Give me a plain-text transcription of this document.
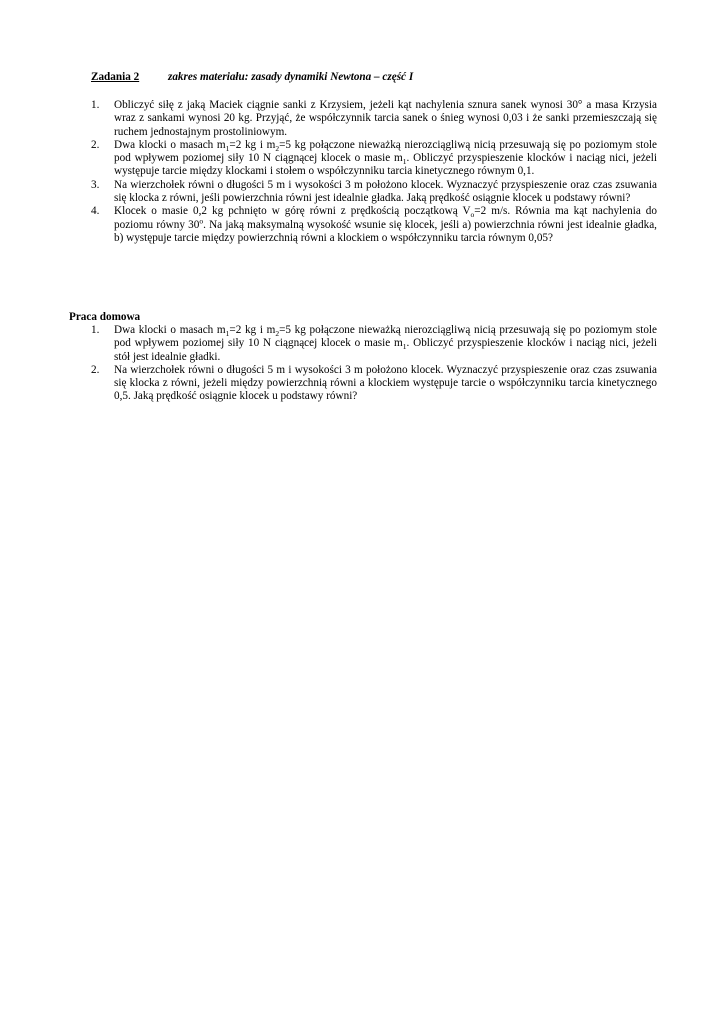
Zadania 2	zakres materiału: zasady dynamiki Newtona – część I
1. Obliczyć siłę z jaką Maciek ciągnie sanki z Krzysiem, jeżeli kąt nachylenia sznura sanek wynosi 30° a masa Krzysia wraz z sankami wynosi 20 kg. Przyjąć, że współczynnik tarcia sanek o śnieg wynosi 0,03 i że sanki przemieszczają się ruchem jednostajnym prostoliniowym.
2. Dwa klocki o masach $m_1=2$ kg i $m_2=5$ kg połączone nieważką nierozciągliwą nicią przesuwają się po poziomym stole pod wpływem poziomej siły 10 N ciągnącej klocek o masie $m_1$. Obliczyć przyspieszenie klocków i naciąg nici, jeżeli występuje tarcie między klockami i stołem o współczynniku tarcia kinetycznego równym 0,1.
3. Na wierzchołek równi o długości 5 m i wysokości 3 m położono klocek. Wyznaczyć przyspieszenie oraz czas zsuwania się klocka z równi, jeśli powierzchnia równi jest idealnie gładka. Jaką prędkość osiągnie klocek u podstawy równi?
4. Klocek o masie 0,2 kg pchnięto w górę równi z prędkością początkową $V_o=2$ m/s. Równia ma kąt nachylenia do poziomu równy 30$^o$. Na jaką maksymalną wysokość wsunie się klocek, jeśli a) powierzchnia równi jest idealnie gładka, b) występuje tarcie między powierzchnią równi a klockiem o współczynniku tarcia równym 0,05?
Praca domowa
1. Dwa klocki o masach $m_1=2$ kg i $m_2=5$ kg połączone nieważką nierozciągliwą nicią przesuwają się po poziomym stole pod wpływem poziomej siły 10 N ciągnącej klocek o masie $m_1$. Obliczyć przyspieszenie klocków i naciąg nici, jeżeli stół jest idealnie gładki.
2. Na wierzchołek równi o długości 5 m i wysokości 3 m położono klocek. Wyznaczyć przyspieszenie oraz czas zsuwania się klocka z równi, jeżeli między powierzchnią równi a klockiem występuje tarcie o współczynniku tarcia kinetycznego 0,5. Jaką prędkość osiągnie klocek u podstawy równi?
